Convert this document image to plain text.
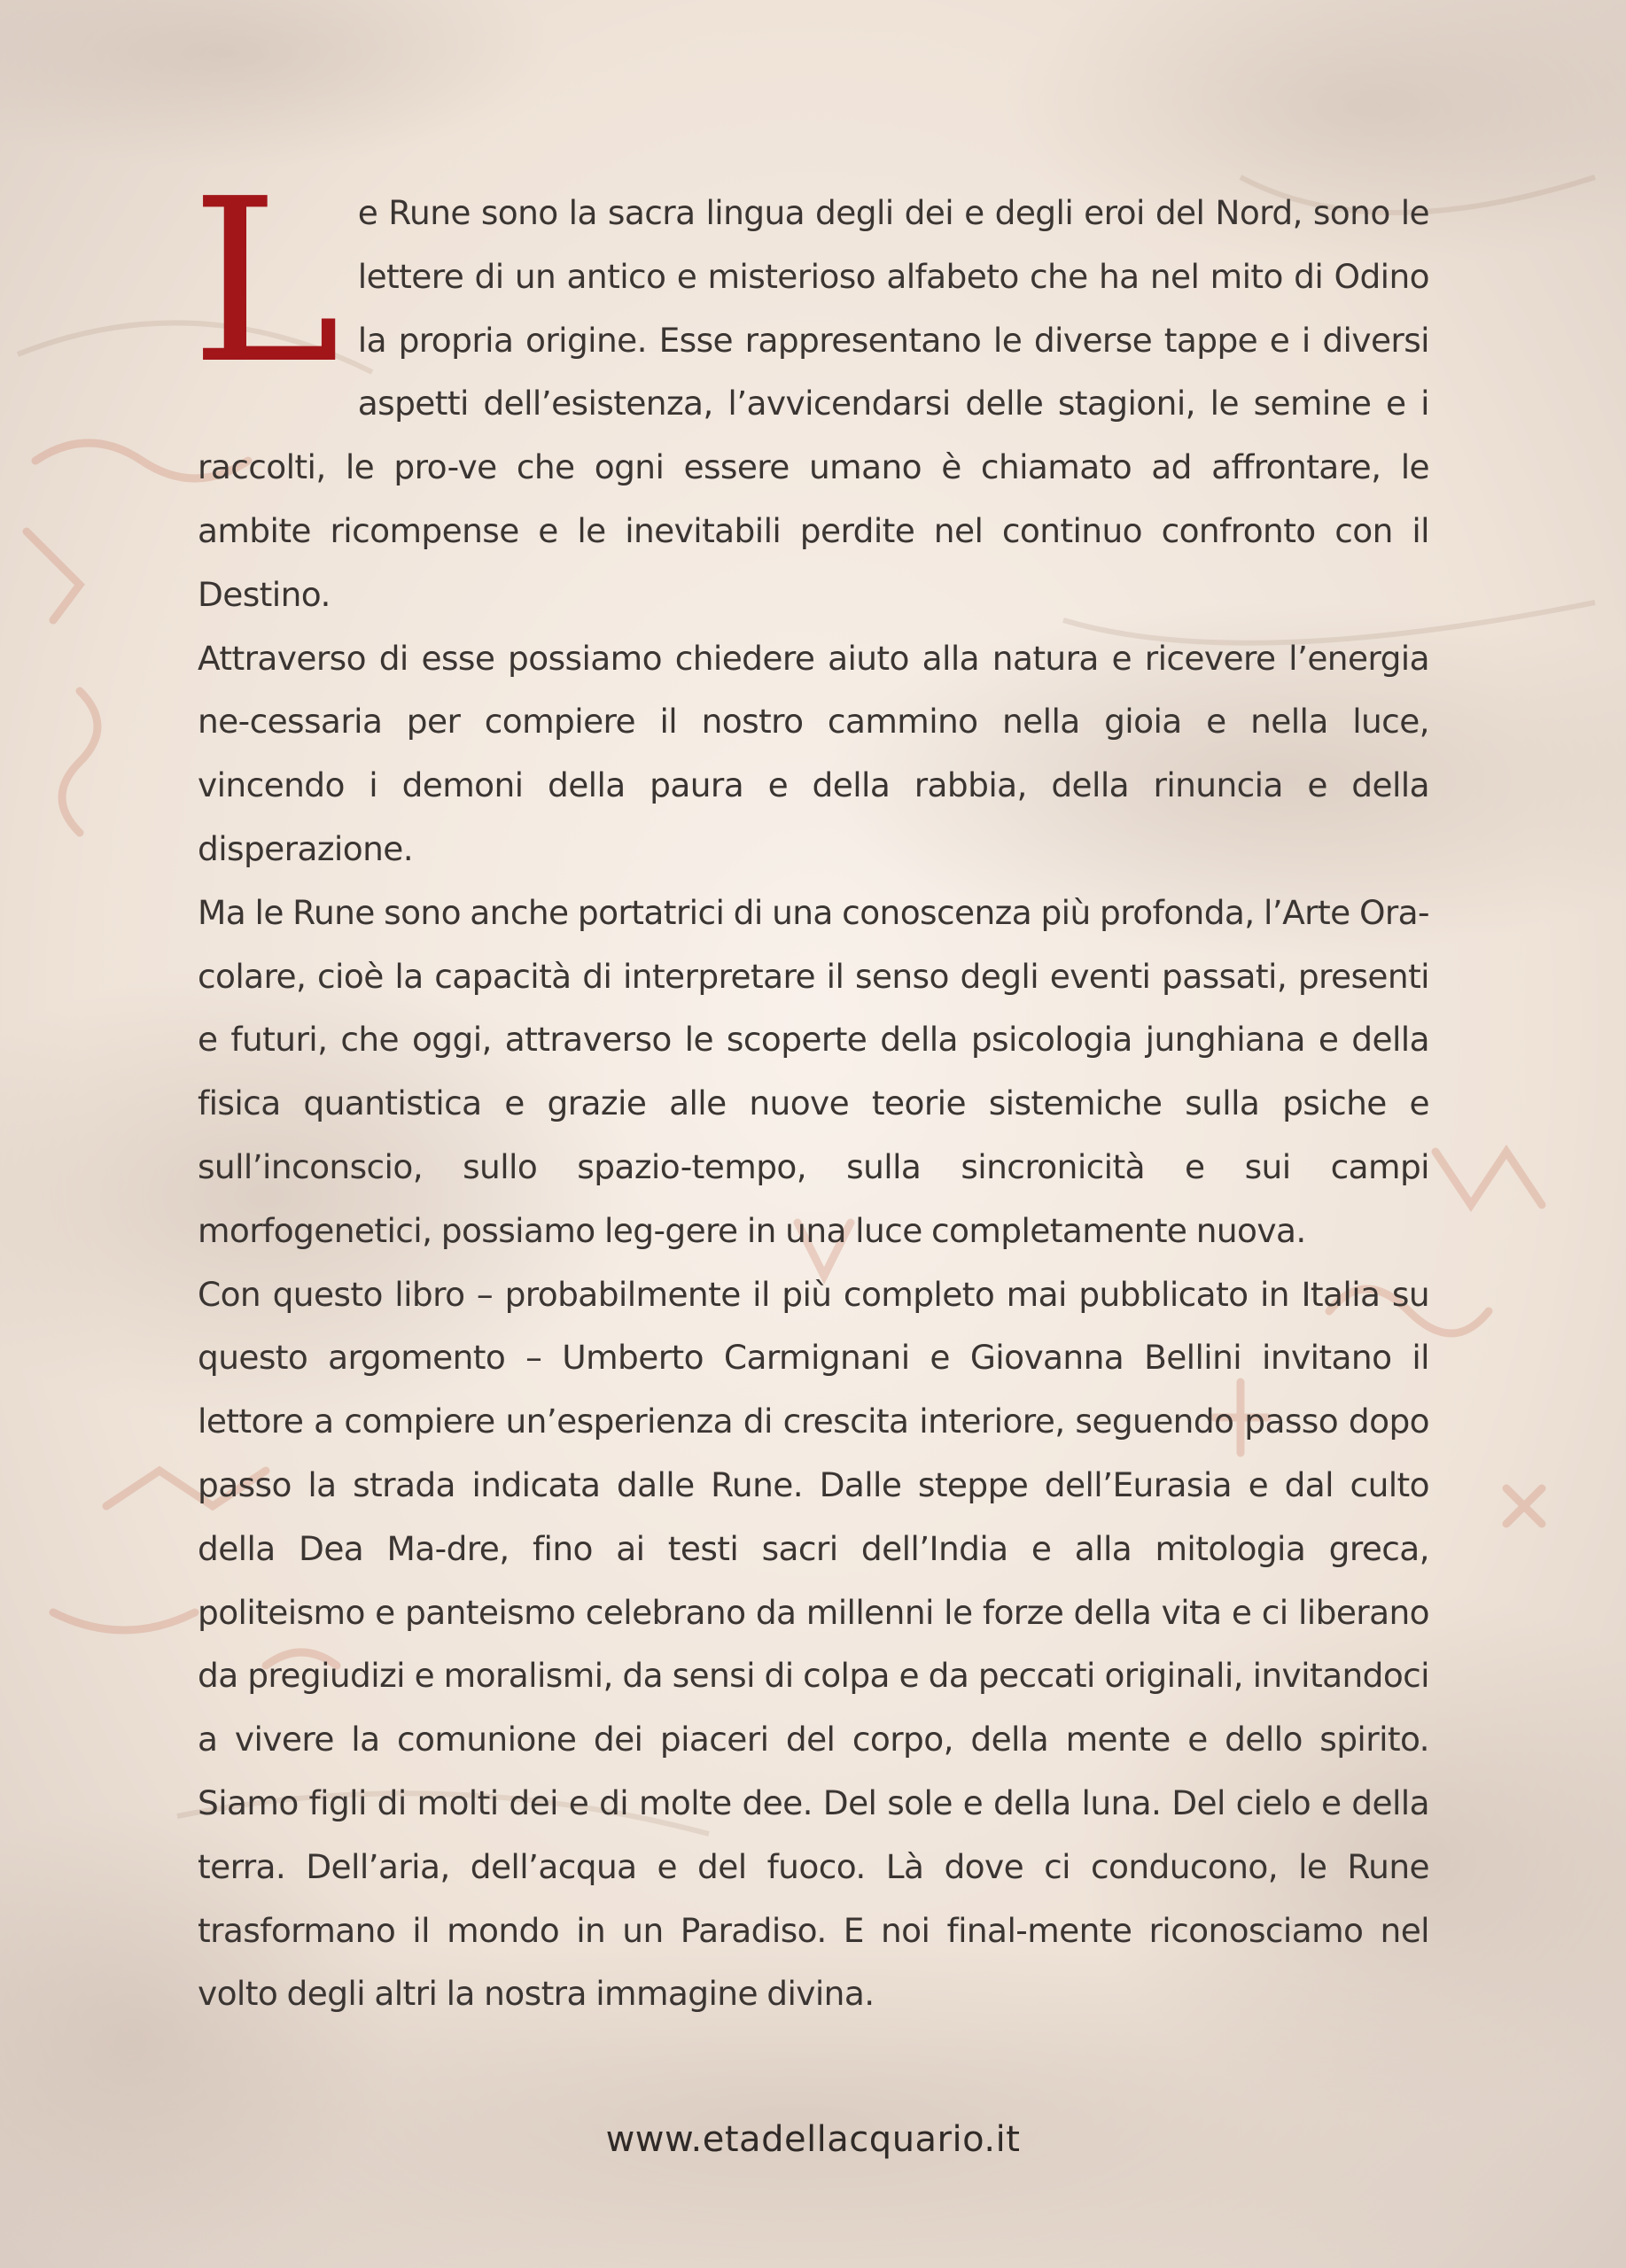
Le Rune sono la sacra lingua degli dei e degli eroi del Nord, sono le lettere di un antico e misterioso alfabeto che ha nel mito di Odino la propria origine. Esse rappresentano le diverse tappe e i diversi aspetti dell’esistenza, l’avvicendarsi delle stagioni, le semine e i raccolti, le pro-ve che ogni essere umano è chiamato ad affrontare, le ambite ricompense e le inevitabili perdite nel continuo confronto con il Destino.

Attraverso di esse possiamo chiedere aiuto alla natura e ricevere l’energia ne-cessaria per compiere il nostro cammino nella gioia e nella luce, vincendo i demoni della paura e della rabbia, della rinuncia e della disperazione.

Ma le Rune sono anche portatrici di una conoscenza più profonda, l’Arte Ora-colare, cioè la capacità di interpretare il senso degli eventi passati, presenti e futuri, che oggi, attraverso le scoperte della psicologia junghiana e della fisica quantistica e grazie alle nuove teorie sistemiche sulla psiche e sull’inconscio, sullo spazio-tempo, sulla sincronicità e sui campi morfogenetici, possiamo leg-gere in una luce completamente nuova.

Con questo libro – probabilmente il più completo mai pubblicato in Italia su questo argomento – Umberto Carmignani e Giovanna Bellini invitano il lettore a compiere un’esperienza di crescita interiore, seguendo passo dopo passo la strada indicata dalle Rune. Dalle steppe dell’Eurasia e dal culto della Dea Ma-dre, fino ai testi sacri dell’India e alla mitologia greca, politeismo e panteismo celebrano da millenni le forze della vita e ci liberano da pregiudizi e moralismi, da sensi di colpa e da peccati originali, invitandoci a vivere la comunione dei piaceri del corpo, della mente e dello spirito. Siamo figli di molti dei e di molte dee. Del sole e della luna. Del cielo e della terra. Dell’aria, dell’acqua e del fuoco. Là dove ci conducono, le Rune trasformano il mondo in un Paradiso. E noi final-mente riconosciamo nel volto degli altri la nostra immagine divina.

www.etadellacquario.it
